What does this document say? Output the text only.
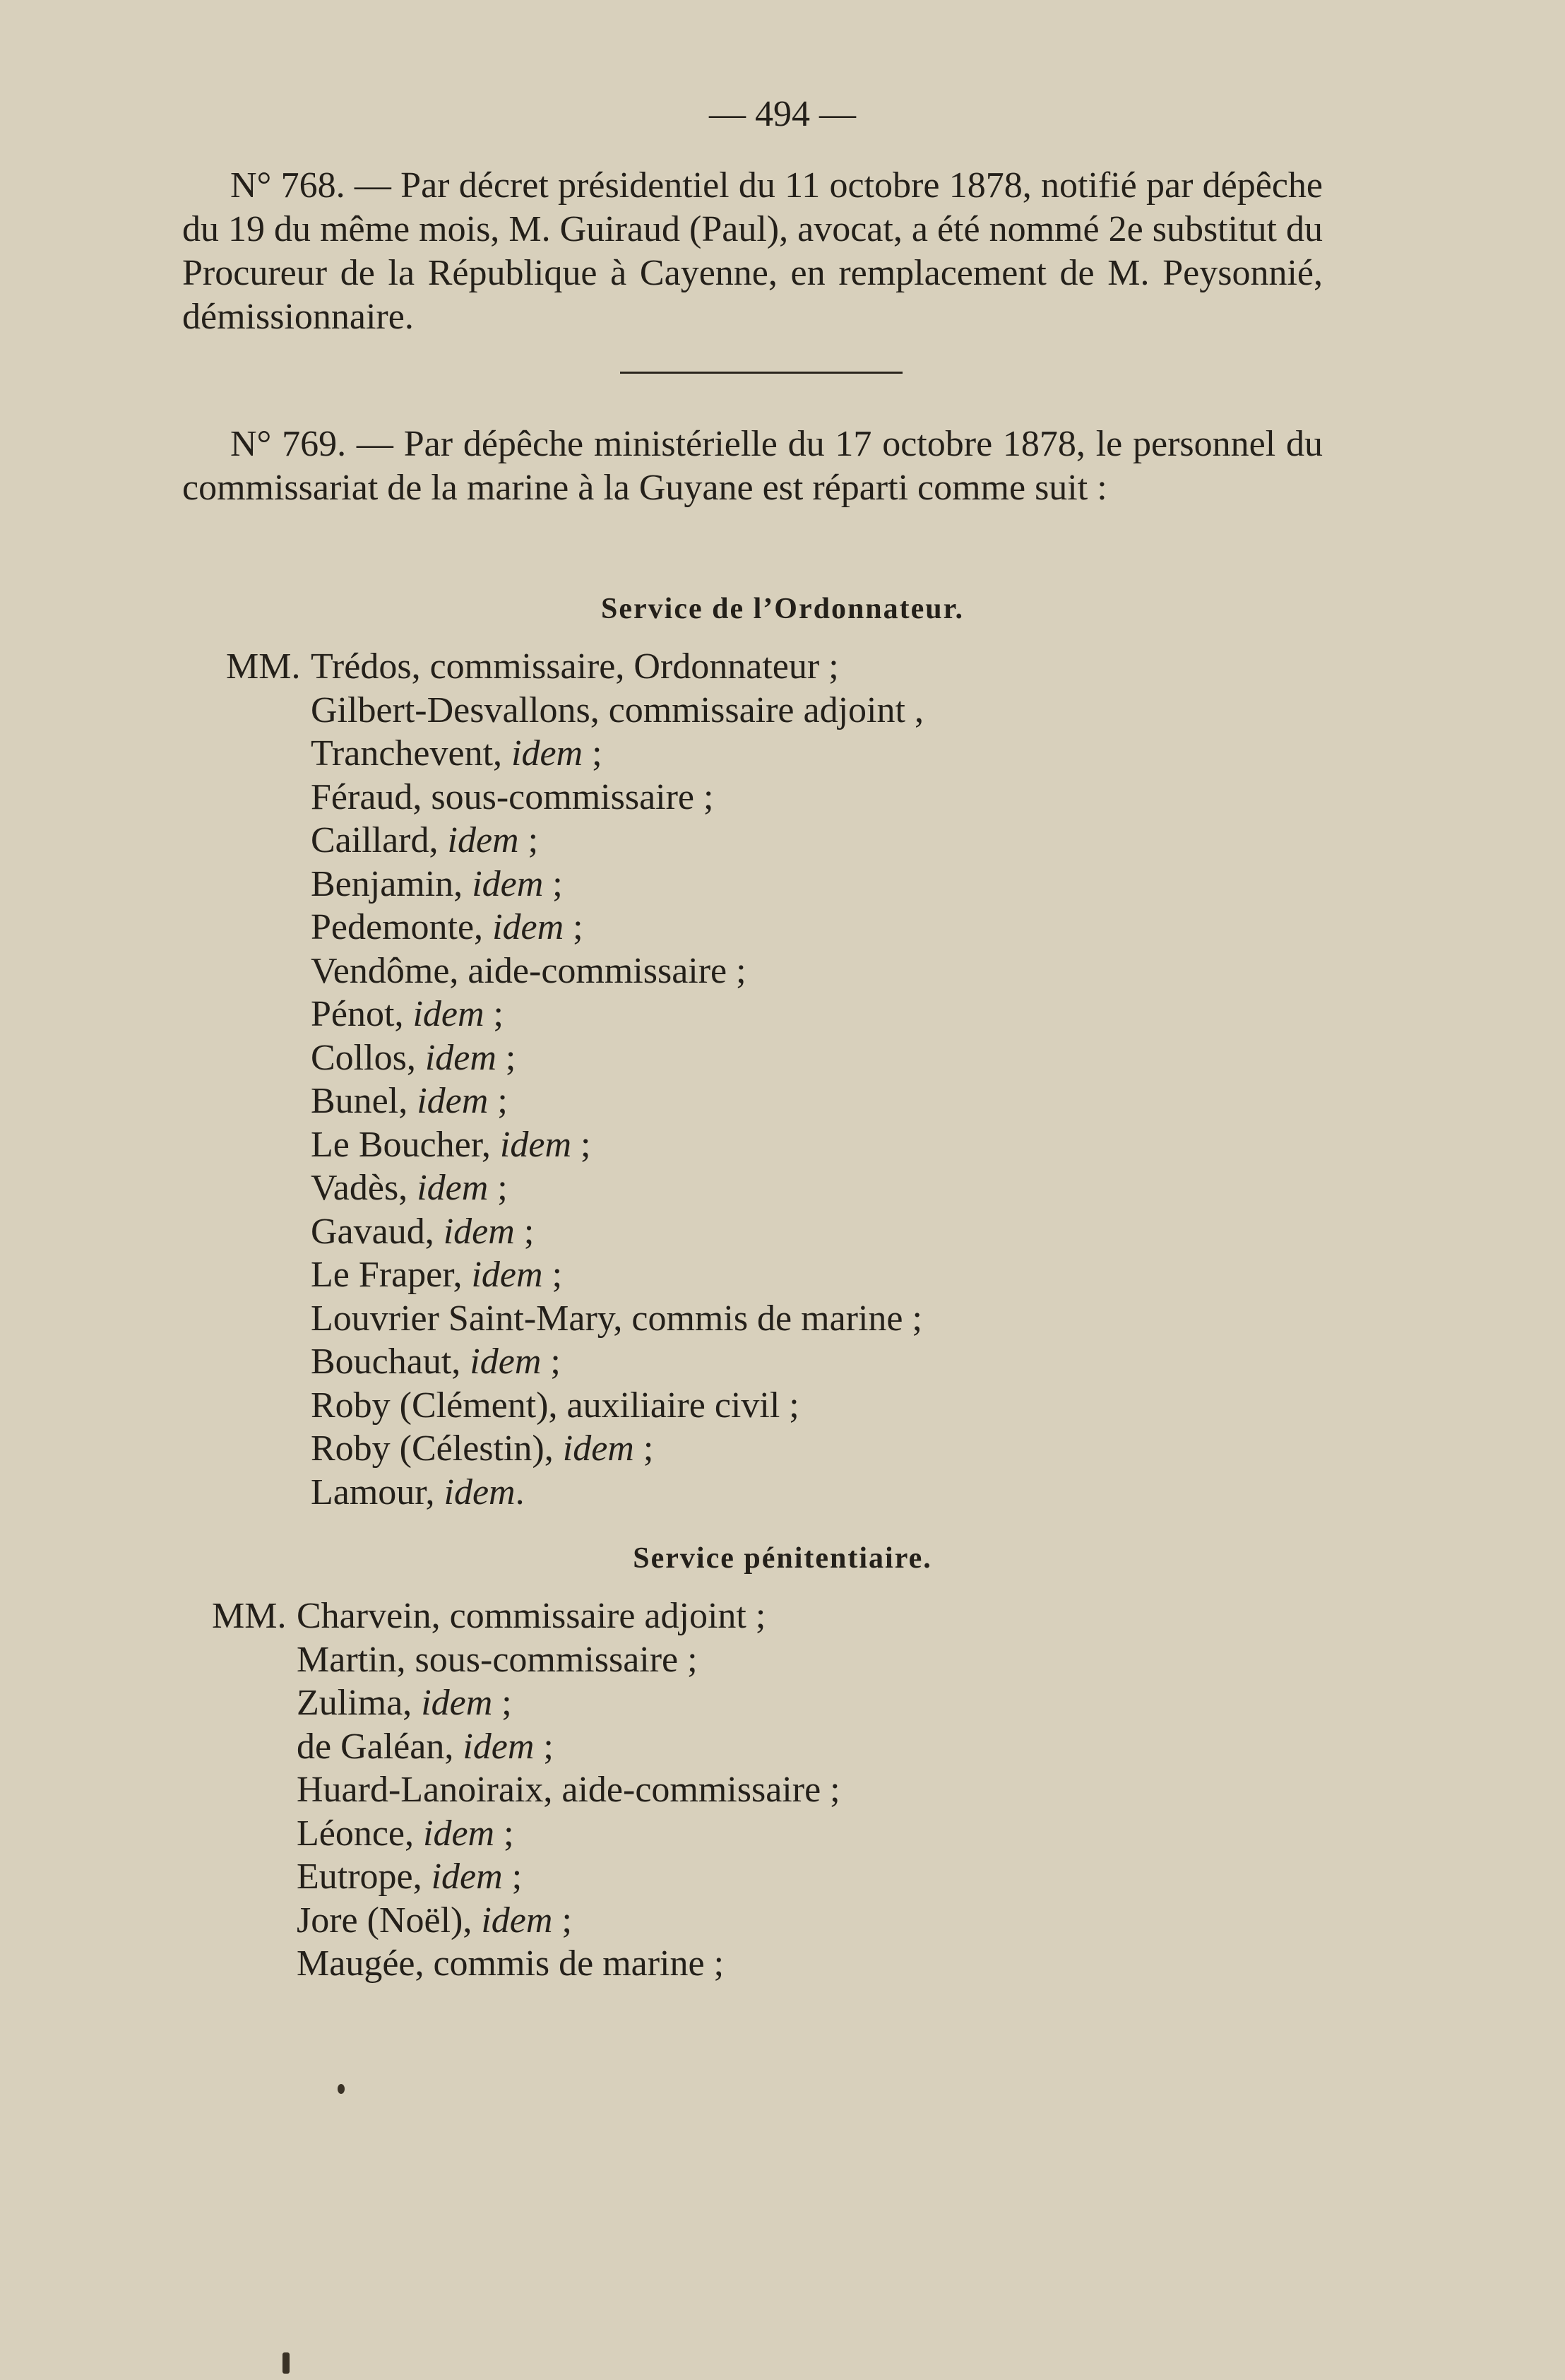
— 494 —

N° 768. — Par décret présidentiel du 11 octobre 1878, notifié par dépêche du 19 du même mois, M. Guiraud (Paul), avocat, a été nommé 2e substitut du Procureur de la République à Cayenne, en remplacement de M. Peysonnié, démissionnaire.

N° 769. — Par dépêche ministérielle du 17 octobre 1878, le personnel du commissariat de la marine à la Guyane est réparti comme suit :

Service de l’Ordonnateur.
MM. Trédos, commissaire, Ordonnateur ;
Gilbert-Desvallons, commissaire adjoint ,
Tranchevent, idem ;
Féraud, sous-commissaire ;
Caillard, idem ;
Benjamin, idem ;
Pedemonte, idem ;
Vendôme, aide-commissaire ;
Pénot, idem ;
Collos, idem ;
Bunel, idem ;
Le Boucher, idem ;
Vadès, idem ;
Gavaud, idem ;
Le Fraper, idem ;
Louvrier Saint-Mary, commis de marine ;
Bouchaut, idem ;
Roby (Clément), auxiliaire civil ;
Roby (Célestin), idem ;
Lamour, idem.
Service pénitentiaire.
MM. Charvein, commissaire adjoint ;
Martin, sous-commissaire ;
Zulima, idem ;
de Galéan, idem ;
Huard-Lanoiraix, aide-commissaire ;
Léonce, idem ;
Eutrope, idem ;
Jore (Noël), idem ;
Maugée, commis de marine ;
